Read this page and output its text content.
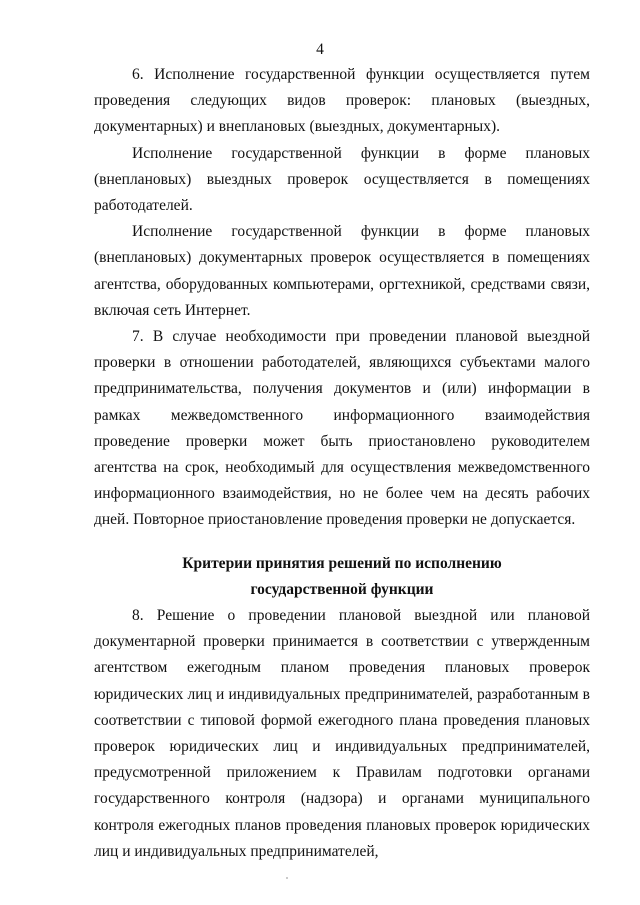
4

6. Исполнение государственной функции осуществляется путем проведения следующих видов проверок: плановых (выездных, документарных) и внеплановых (выездных, документарных).

Исполнение государственной функции в форме плановых (внеплановых) выездных проверок осуществляется в помещениях работодателей.

Исполнение государственной функции в форме плановых (внеплановых) документарных проверок осуществляется в помещениях агентства, оборудованных компьютерами, оргтехникой, средствами связи, включая сеть Интернет.

7. В случае необходимости при проведении плановой выездной проверки в отношении работодателей, являющихся субъектами малого предпринимательства, получения документов и (или) информации в рамках межведомственного информационного взаимодействия проведение проверки может быть приостановлено руководителем агентства на срок, необходимый для осуществления межведомственного информационного взаимодействия, но не более чем на десять рабочих дней. Повторное приостановление проведения проверки не допускается.

Критерии принятия решений по исполнению
государственной функции

8. Решение о проведении плановой выездной или плановой документарной проверки принимается в соответствии с утвержденным агентством ежегодным планом проведения плановых проверок юридических лиц и индивидуальных предпринимателей, разработанным в соответствии с типовой формой ежегодного плана проведения плановых проверок юридических лиц и индивидуальных предпринимателей, предусмотренной приложением к Правилам подготовки органами государственного контроля (надзора) и органами муниципального контроля ежегодных планов проведения плановых проверок юридических лиц и индивидуальных предпринимателей,
